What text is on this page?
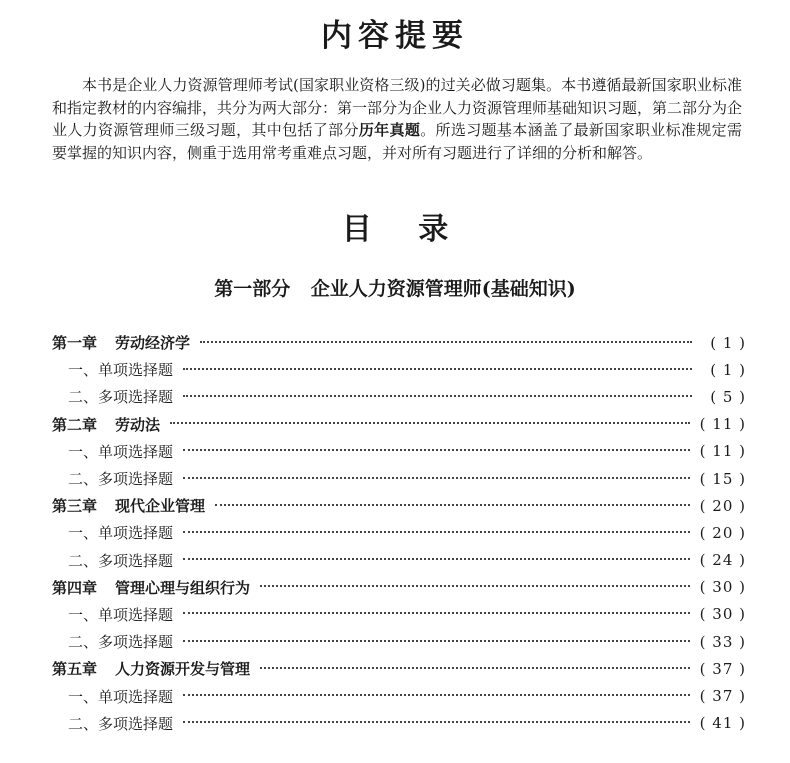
内容提要

本书是企业人力资源管理师考试(国家职业资格三级)的过关必做习题集。本书遵循最新国家职业标准和指定教材的内容编排，共分为两大部分：第一部分为企业人力资源管理师基础知识习题，第二部分为企业人力资源管理师三级习题，其中包括了部分历年真题。所选习题基本涵盖了最新国家职业标准规定需要掌握的知识内容，侧重于选用常考重难点习题，并对所有习题进行了详细的分析和解答。

目 录
第一部分 企业人力资源管理师(基础知识)
第一章 劳动经济学	( 1 )
一、单项选择题	( 1 )
二、多项选择题	( 5 )
第二章 劳动法	( 11 )
一、单项选择题	( 11 )
二、多项选择题	( 15 )
第三章 现代企业管理	( 20 )
一、单项选择题	( 20 )
二、多项选择题	( 24 )
第四章 管理心理与组织行为	( 30 )
一、单项选择题	( 30 )
二、多项选择题	( 33 )
第五章 人力资源开发与管理	( 37 )
一、单项选择题	( 37 )
二、多项选择题	( 41 )
